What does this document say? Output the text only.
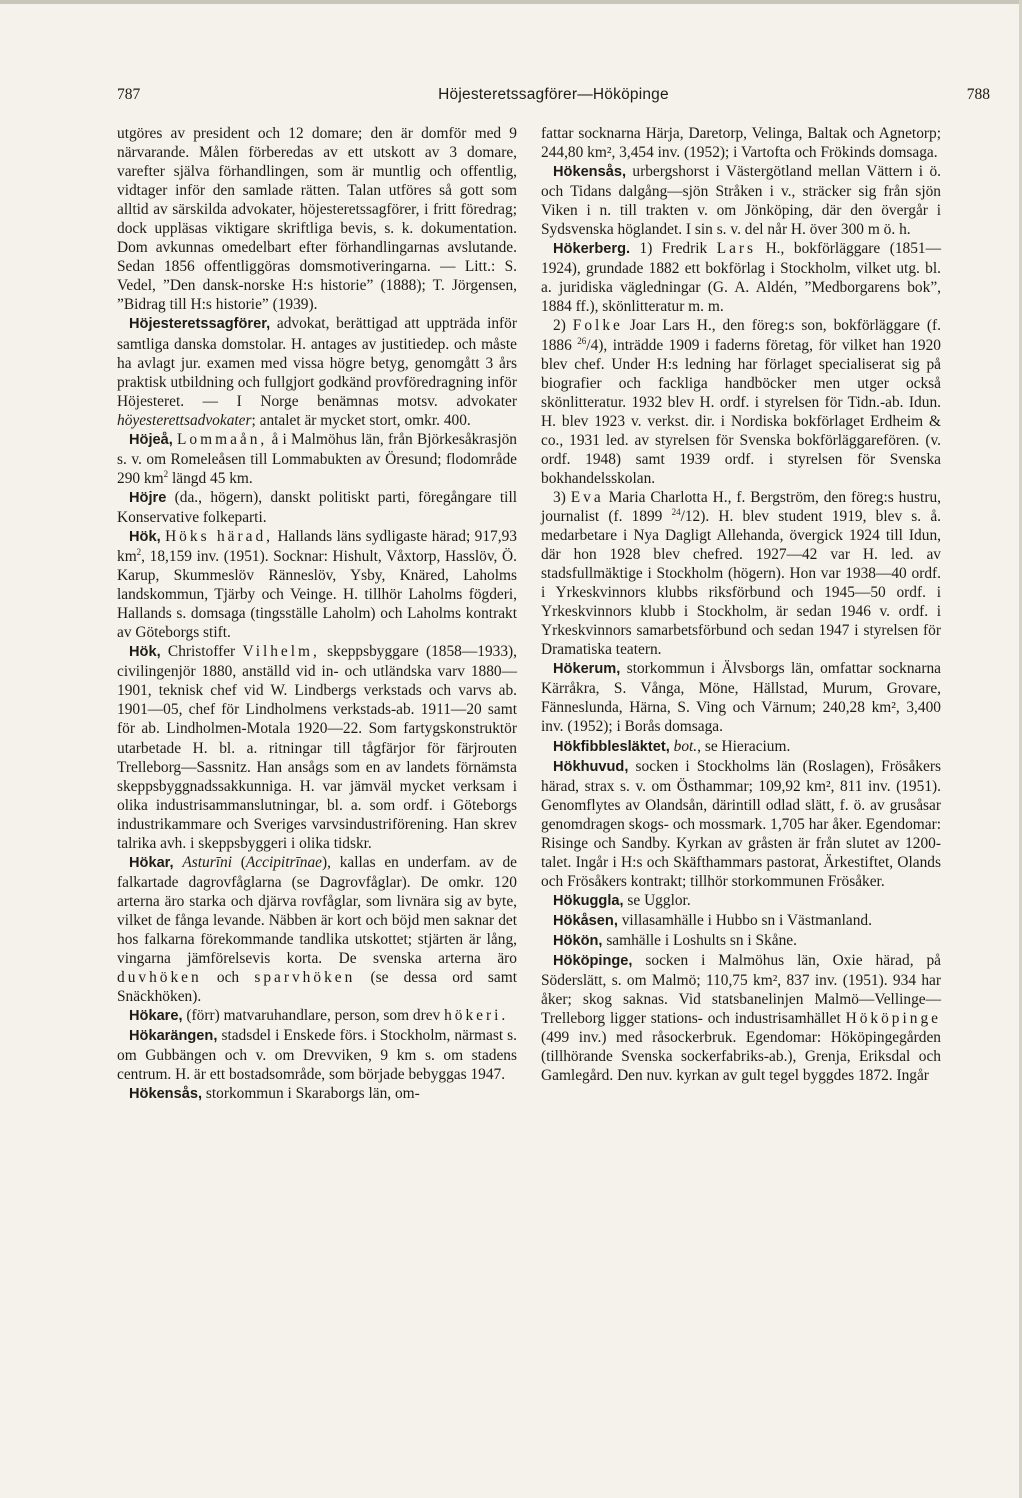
787	Höjesteretssagförer—Hököpinge	788

utgöres av president och 12 domare; den är domför med 9 närvarande. Målen förberedas av ett utskott av 3 domare, varefter själva förhandlingen, som är muntlig och offentlig, vidtager inför den samlade rätten. Talan utföres så gott som alltid av särskilda advokater, höjesteretssagförer, i fritt föredrag; dock uppläsas viktigare skriftliga bevis, s. k. dokumentation. Dom avkunnas omedelbart efter förhandlingarnas avslutande. Sedan 1856 offentliggöras domsmotiveringarna. — Litt.: S. Vedel, ”Den dansk-norske H:s historie” (1888); T. Jörgensen, ”Bidrag till H:s historie” (1939).

Höjesteretssagförer, advokat, berättigad att uppträda inför samtliga danska domstolar. H. antages av justitiedep. och måste ha avlagt jur. examen med vissa högre betyg, genomgått 3 års praktisk utbildning och fullgjort godkänd provföredragning inför Höjesteret. — I Norge benämnas motsv. advokater höyesterettsadvokater; antalet är mycket stort, omkr. 400.

Höjeå, Lommaån, å i Malmöhus län, från Björkesåkrasjön s. v. om Romeleåsen till Lommabukten av Öresund; flodområde 290 $km^2$ längd 45 km.

Höjre (da., högern), danskt politiskt parti, föregångare till Konservative folkeparti.

Hök, Höks härad, Hallands läns sydligaste härad; 917,93 $km^2$, 18,159 inv. (1951). Socknar: Hishult, Våxtorp, Hasslöv, Ö. Karup, Skummeslöv Ränneslöv, Ysby, Knäred, Laholms landskommun, Tjärby och Veinge. H. tillhör Laholms fögderi, Hallands s. domsaga (tingsställe Laholm) och Laholms kontrakt av Göteborgs stift.

Hök, Christoffer Vilhelm, skeppsbyggare (1858—1933), civilingenjör 1880, anställd vid in- och utländska varv 1880—1901, teknisk chef vid W. Lindbergs verkstads och varvs ab. 1901—05, chef för Lindholmens verkstads-ab. 1911—20 samt för ab. Lindholmen-Motala 1920—22. Som fartygskonstruktör utarbetade H. bl. a. ritningar till tågfärjor för färjrouten Trelleborg—Sassnitz. Han ansågs som en av landets förnämsta skeppsbyggnadssakkunniga. H. var jämväl mycket verksam i olika industrisammanslutningar, bl. a. som ordf. i Göteborgs industrikammare och Sveriges varvsindustriförening. Han skrev talrika avh. i skeppsbyggeri i olika tidskr.

Hökar, Asturīni (Accipitrīnae), kallas en underfam. av de falkartade dagrovfåglarna (se Dagrovfåglar). De omkr. 120 arterna äro starka och djärva rovfåglar, som livnära sig av byte, vilket de fånga levande. Näbben är kort och böjd men saknar det hos falkarna förekommande tandlika utskottet; stjärten är lång, vingarna jämförelsevis korta. De svenska arterna äro duvhöken och sparvhöken (se dessa ord samt Snäckhöken).

Hökare, (förr) matvaruhandlare, person, som drev hökeri.

Hökarängen, stadsdel i Enskede förs. i Stockholm, närmast s. om Gubbängen och v. om Drevviken, 9 km s. om stadens centrum. H. är ett bostadsområde, som började bebyggas 1947.

Hökensås, storkommun i Skaraborgs län, om-

fattar socknarna Härja, Daretorp, Velinga, Baltak och Agnetorp; 244,80 km², 3,454 inv. (1952); i Vartofta och Frökinds domsaga.

Hökensås, urbergshorst i Västergötland mellan Vättern i ö. och Tidans dalgång—sjön Stråken i v., sträcker sig från sjön Viken i n. till trakten v. om Jönköping, där den övergår i Sydsvenska höglandet. I sin s. v. del når H. över 300 m ö. h.

Hökerberg. 1) Fredrik Lars H., bokförläggare (1851—1924), grundade 1882 ett bokförlag i Stockholm, vilket utg. bl. a. juridiska vägledningar (G. A. Aldén, ”Medborgarens bok”, 1884 ff.), skönlitteratur m. m.

2) Folke Joar Lars H., den föreg:s son, bokförläggare (f. 1886 $^{26}$/4), inträdde 1909 i faderns företag, för vilket han 1920 blev chef. Under H:s ledning har förlaget specialiserat sig på biografier och fackliga handböcker men utger också skönlitteratur. 1932 blev H. ordf. i styrelsen för Tidn.-ab. Idun. H. blev 1923 v. verkst. dir. i Nordiska bokförlaget Erdheim & co., 1931 led. av styrelsen för Svenska bokförläggarefören. (v. ordf. 1948) samt 1939 ordf. i styrelsen för Svenska bokhandelsskolan.

3) Eva Maria Charlotta H., f. Bergström, den föreg:s hustru, journalist (f. 1899 $^{24}$/12). H. blev student 1919, blev s. å. medarbetare i Nya Dagligt Allehanda, övergick 1924 till Idun, där hon 1928 blev chefred. 1927—42 var H. led. av stadsfullmäktige i Stockholm (högern). Hon var 1938—40 ordf. i Yrkeskvinnors klubbs riksförbund och 1945—50 ordf. i Yrkeskvinnors klubb i Stockholm, är sedan 1946 v. ordf. i Yrkeskvinnors samarbetsförbund och sedan 1947 i styrelsen för Dramatiska teatern.

Hökerum, storkommun i Älvsborgs län, omfattar socknarna Kärråkra, S. Vånga, Möne, Hällstad, Murum, Grovare, Fänneslunda, Härna, S. Ving och Värnum; 240,28 km², 3,400 inv. (1952); i Borås domsaga.

Hökfibblesläktet, bot., se Hieracium.

Hökhuvud, socken i Stockholms län (Roslagen), Frösåkers härad, strax s. v. om Östhammar; 109,92 km², 811 inv. (1951). Genomflytes av Olandsån, därintill odlad slätt, f. ö. av grusåsar genomdragen skogs- och mossmark. 1,705 har åker. Egendomar: Risinge och Sandby. Kyrkan av gråsten är från slutet av 1200-talet. Ingår i H:s och Skäfthammars pastorat, Ärkestiftet, Olands och Frösåkers kontrakt; tillhör storkommunen Frösåker.

Hökuggla, se Ugglor.

Hökåsen, villasamhälle i Hubbo sn i Västmanland.

Hökön, samhälle i Loshults sn i Skåne.

Hököpinge, socken i Malmöhus län, Oxie härad, på Söderslätt, s. om Malmö; 110,75 km², 837 inv. (1951). 934 har åker; skog saknas. Vid statsbanelinjen Malmö—Vellinge—Trelleborg ligger stations- och industrisamhället Hököpinge (499 inv.) med råsockerbruk. Egendomar: Hököpingegården (tillhörande Svenska sockerfabriks-ab.), Grenja, Eriksdal och Gamlegård. Den nuv. kyrkan av gult tegel byggdes 1872. Ingår
